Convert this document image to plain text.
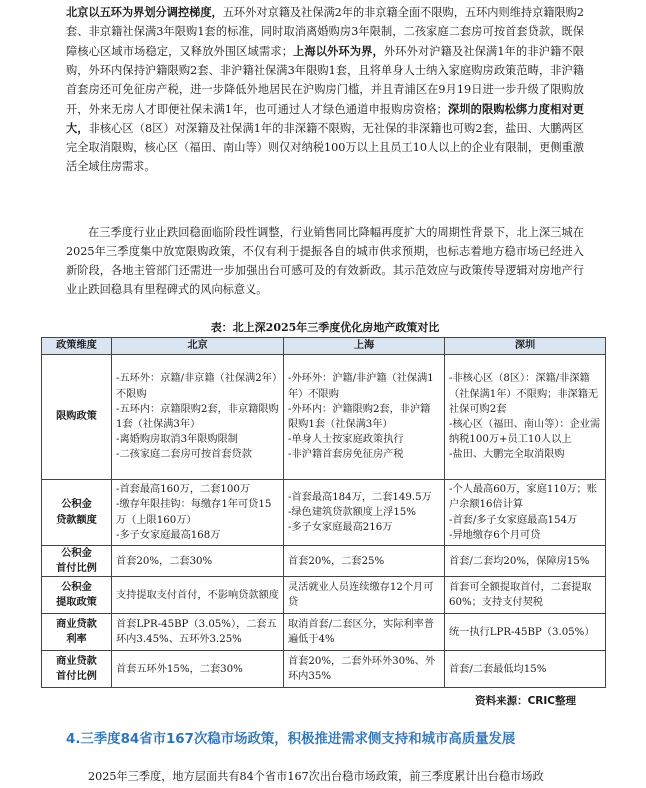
北京以五环为界划分调控梯度，五环外对京籍及社保满2年的非京籍全面不限购，五环内则维持京籍限购2套、非京籍社保满3年限购1套的标准，同时取消离婚购房3年限制，二孩家庭二套房可按首套贷款，既保障核心区域市场稳定，又释放外围区域需求；上海以外环为界，外环外对沪籍及社保满1年的非沪籍不限购，外环内保持沪籍限购2套、非沪籍社保满3年限购1套，且将单身人士纳入家庭购房政策范畴，非沪籍首套房还可免征房产税，进一步降低外地居民在沪购房门槛，并且青浦区在9月19日进一步升级了限购放开，外来无房人才即便社保未满1年，也可通过人才绿色通道申报购房资格；深圳的限购松绑力度相对更大，非核心区（8区）对深籍及社保满1年的非深籍不限购，无社保的非深籍也可购2套，盐田、大鹏两区完全取消限购，核心区（福田、南山等）则仅对纳税100万以上且员工10人以上的企业有限制，更侧重激活全域住房需求。

在三季度行业止跌回稳面临阶段性调整，行业销售同比降幅再度扩大的周期性背景下，北上深三城在2025年三季度集中放宽限购政策，不仅有利于提振各自的城市供求预期，也标志着地方稳市场已经进入新阶段，各地主管部门还需进一步加强出台可感可及的有效新政。其示范效应与政策传导逻辑对房地产行业止跌回稳具有里程碑式的风向标意义。

表：北上深2025年三季度优化房地产政策对比

政策维度	北京	上海	深圳

限购政策	-五环外：京籍/非京籍（社保满2年）不限购
-五环内：京籍限购2套，非京籍限购1套（社保满3年）
-离婚购房取消3年限购限制
-二孩家庭二套房可按首套贷款	-外环外：沪籍/非沪籍（社保满1年）不限购
-外环内：沪籍限购2套，非沪籍限购1套（社保满3年）
-单身人士按家庭政策执行
-非沪籍首套房免征房产税	-非核心区（8区）：深籍/非深籍（社保满1年）不限购；非深籍无社保可购2套
-核心区（福田、南山等）：企业需纳税100万+员工10人以上
-盐田、大鹏完全取消限购

公积金
贷款额度	-首套最高160万，二套100万
-缴存年限挂钩：每缴存1年可贷15万（上限160万）
-多子女家庭最高168万	-首套最高184万，二套149.5万
-绿色建筑贷款额度上浮15%
-多子女家庭最高216万	-个人最高60万，家庭110万；账户余额16倍计算
-首套/多子女家庭最高154万
-异地缴存6个月可贷

公积金
首付比例	首套20%，二套30%	首套20%，二套25%	首套/二套均20%，保障房15%

公积金
提取政策	支持提取支付首付，不影响贷款额度	灵活就业人员连续缴存12个月可贷	首套可全额提取首付，二套提取60%；支持支付契税

商业贷款
利率	首套LPR-45BP（3.05%），二套五环内3.45%、五环外3.25%	取消首套/二套区分，实际利率普遍低于4%	统一执行LPR-45BP（3.05%）

商业贷款
首付比例	首套五环外15%，二套30%	首套20%，二套外环外30%、外环内35%	首套/二套最低均15%

资料来源：CRIC整理

4.三季度84省市167次稳市场政策，积极推进需求侧支持和城市高质量发展

2025年三季度，地方层面共有84个省市167次出台稳市场政策，前三季度累计出台稳市场政
